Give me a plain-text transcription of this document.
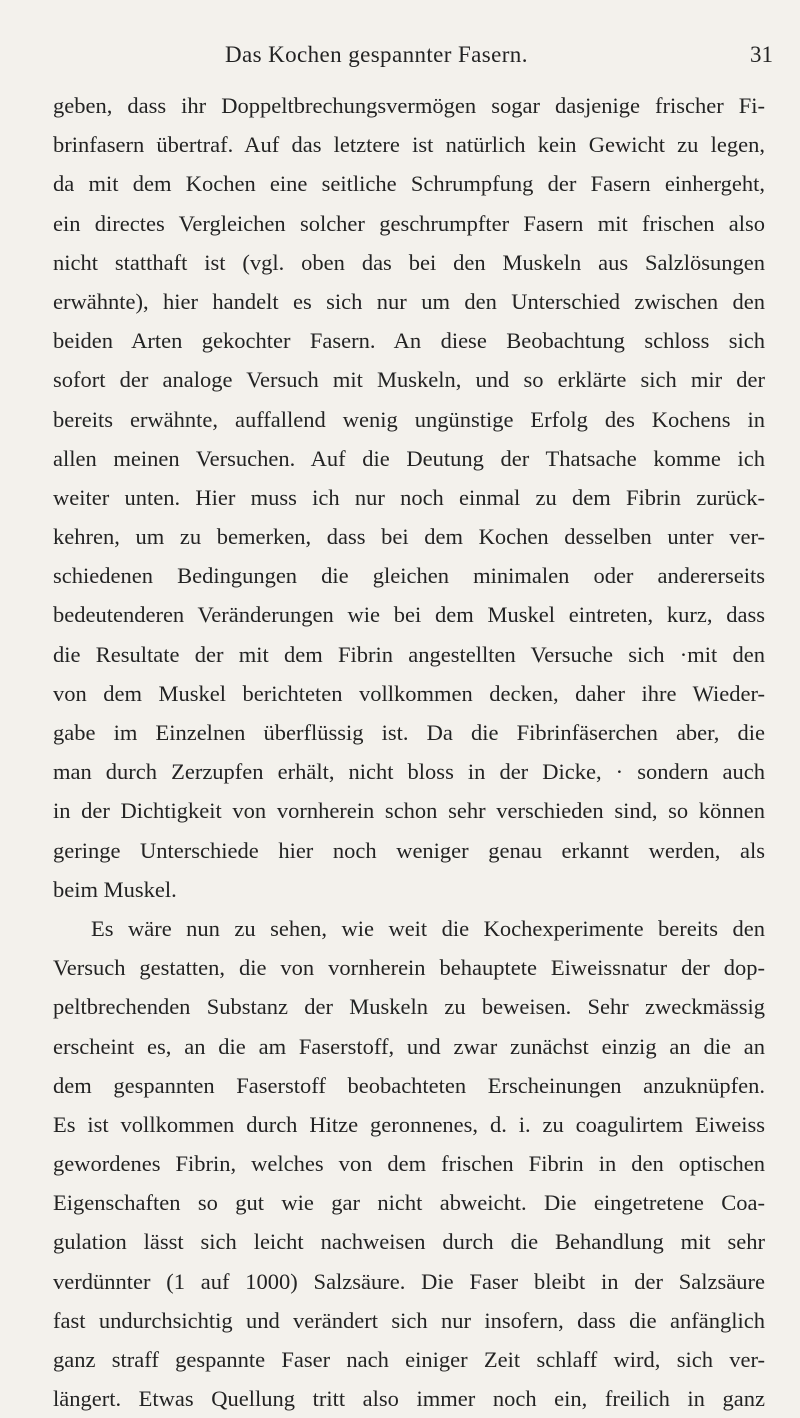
Das Kochen gespannter Fasern.	31
geben, dass ihr Doppeltbrechungsvermögen sogar dasjenige frischer Fi-
brinfasern übertraf. Auf das letztere ist natürlich kein Gewicht zu legen,
da mit dem Kochen eine seitliche Schrumpfung der Fasern einhergeht,
ein directes Vergleichen solcher geschrumpfter Fasern mit frischen also
nicht statthaft ist (vgl. oben das bei den Muskeln aus Salzlösungen
erwähnte), hier handelt es sich nur um den Unterschied zwischen den
beiden Arten gekochter Fasern. An diese Beobachtung schloss sich
sofort der analoge Versuch mit Muskeln, und so erklärte sich mir der
bereits erwähnte, auffallend wenig ungünstige Erfolg des Kochens in
allen meinen Versuchen. Auf die Deutung der Thatsache komme ich
weiter unten. Hier muss ich nur noch einmal zu dem Fibrin zurück-
kehren, um zu bemerken, dass bei dem Kochen desselben unter ver-
schiedenen Bedingungen die gleichen minimalen oder andererseits
bedeutenderen Veränderungen wie bei dem Muskel eintreten, kurz, dass
die Resultate der mit dem Fibrin angestellten Versuche sich ·mit den
von dem Muskel berichteten vollkommen decken, daher ihre Wieder-
gabe im Einzelnen überflüssig ist. Da die Fibrinfäserchen aber, die
man durch Zerzupfen erhält, nicht bloss in der Dicke, · sondern auch
in der Dichtigkeit von vornherein schon sehr verschieden sind, so können
geringe Unterschiede hier noch weniger genau erkannt werden, als
beim Muskel.
Es wäre nun zu sehen, wie weit die Kochexperimente bereits den
Versuch gestatten, die von vornherein behauptete Eiweissnatur der dop-
peltbrechenden Substanz der Muskeln zu beweisen. Sehr zweckmässig
erscheint es, an die am Faserstoff, und zwar zunächst einzig an die an
dem gespannten Faserstoff beobachteten Erscheinungen anzuknüpfen.
Es ist vollkommen durch Hitze geronnenes, d. i. zu coagulirtem Eiweiss
gewordenes Fibrin, welches von dem frischen Fibrin in den optischen
Eigenschaften so gut wie gar nicht abweicht. Die eingetretene Coa-
gulation lässt sich leicht nachweisen durch die Behandlung mit sehr
verdünnter (1 auf 1000) Salzsäure. Die Faser bleibt in der Salzsäure
fast undurchsichtig und verändert sich nur insofern, dass die anfänglich
ganz straff gespannte Faser nach einiger Zeit schlaff wird, sich ver-
längert. Etwas Quellung tritt also immer noch ein, freilich in ganz
